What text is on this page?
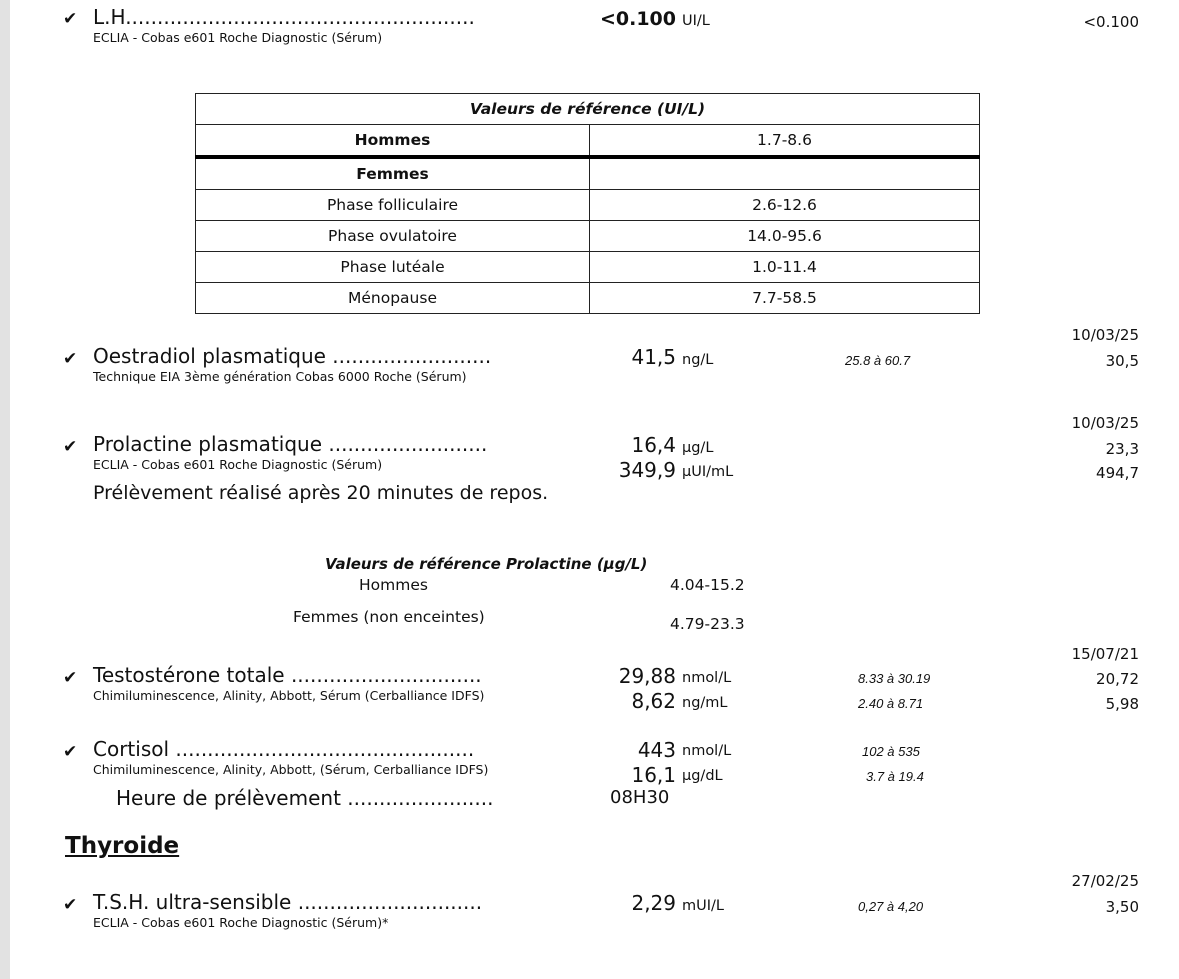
✔ L.H.......................................................
ECLIA - Cobas e601 Roche Diagnostic (Sérum)
<0.100 UI/L	<0.100
Valeurs de référence (UI/L)	
Hommes	1.7-8.6
Femmes	
Phase folliculaire	2.6-12.6
Phase ovulatoire	14.0-95.6
Phase lutéale	1.0-11.4
Ménopause	7.7-58.5
10/03/25
✔ Oestradiol plasmatique .........................
Technique EIA 3ème génération Cobas 6000 Roche (Sérum)
41,5 ng/L	25.8 à 60.7	30,5
10/03/25
✔ Prolactine plasmatique .........................
ECLIA - Cobas e601 Roche Diagnostic (Sérum)
16,4 µg/L	23,3
349,9 µUI/mL	494,7
Prélèvement réalisé après 20 minutes de repos.
Valeurs de référence Prolactine (µg/L)
Hommes	4.04-15.2
Femmes (non enceintes)	4.79-23.3
15/07/21
✔ Testostérone totale ..............................
Chimiluminescence, Alinity, Abbott, Sérum (Cerballiance IDFS)
29,88 nmol/L	8.33 à 30.19	20,72
8,62 ng/mL	2.40 à 8.71	5,98
✔ Cortisol ...............................................
Chimiluminescence, Alinity, Abbott, (Sérum, Cerballiance IDFS)
443 nmol/L	102 à 535
16,1 µg/dL	3.7 à 19.4
Heure de prélèvement .......................	08H30
Thyroide
27/02/25
✔ T.S.H. ultra-sensible .............................
ECLIA - Cobas e601 Roche Diagnostic (Sérum)*
2,29 mUI/L	0,27 à 4,20	3,50
